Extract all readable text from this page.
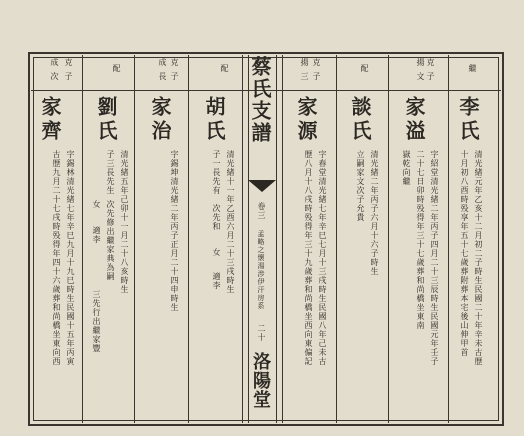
繼
克
子
揚
文
配
克
子
揚
三
配
克
子
成
長
配
克
子
成
次	蔡氏支譜
卷三
孟略之懷湯涉伊汗房系
二十
洛陽堂
李氏
清光緒元年乙亥十二月初二子時生民國二十年辛未古歷
十月初八酉時殁享年五十七歲葬附葬本宅後山伸甲首
家溢
字紹堂清光緒二年丙子四月二十三辰時生民國元年壬子
二十七日卯時殁得年三十七歲葬和尚橋坐東南
嶽乾向繼
談氏
清光緒二年丙子六月十六子時生
立嗣家文次子允貴
家源
字春堂清光緒七年辛巳七月十三戌時生民國八年己未古
歷八月十八戌時殁得年三十九歲葬和尚橋坐西向東偏記
胡氏
清光緒十一年乙酉六月二十三戌時生
子一長先有
次先和
女
適李
家治
字錫坤清光緒二年丙子正月二十四申時生
劉氏
清光緒五年己卯十一月二十八亥時生
子三長先生
次先修出繼家典為嗣
女
適李
三先行出繼家豐
家齊
字錫林清光緒七年辛巳九月十九巳時生民國十五年丙寅
古歷九月二十七戌時殁得年四十六歲葬和尚橋坐東向西
